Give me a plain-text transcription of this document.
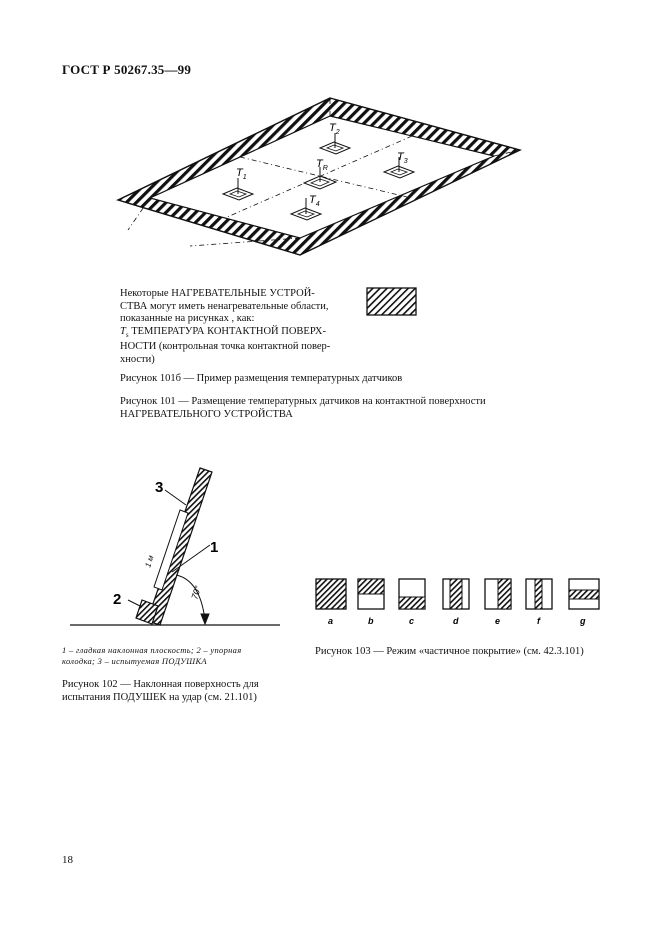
ГОСТ Р 50267.35—99
$T_1$
$T_2$
$T_3$
$T_4$
$T_R$
Некоторые НАГРЕВАТЕЛЬНЫЕ УСТРОЙ-
СТВА могут иметь ненагревательные области,
показанные на рисунках , как:
$T_s$ ТЕМПЕРАТУРА КОНТАКТНОЙ ПОВЕРХ-
НОСТИ (контрольная точка контактной повер-
хности)
Рисунок 101б — Пример размещения температурных датчиков
Рисунок 101 — Размещение температурных датчиков на контактной поверхности
НАГРЕВАТЕЛЬНОГО УСТРОЙСТВА
1
3
2
1 м
70°
1 – гладкая наклонная плоскость; 2 – упорная
колодка; 3 – испытуемая ПОДУШКА
Рисунок 102 — Наклонная поверхность для
испытания ПОДУШЕК на удар (см. 21.101)
a	b	c	d	e	f	g
Рисунок 103 — Режим «частичное покрытие» (см. 42.3.101)
18
